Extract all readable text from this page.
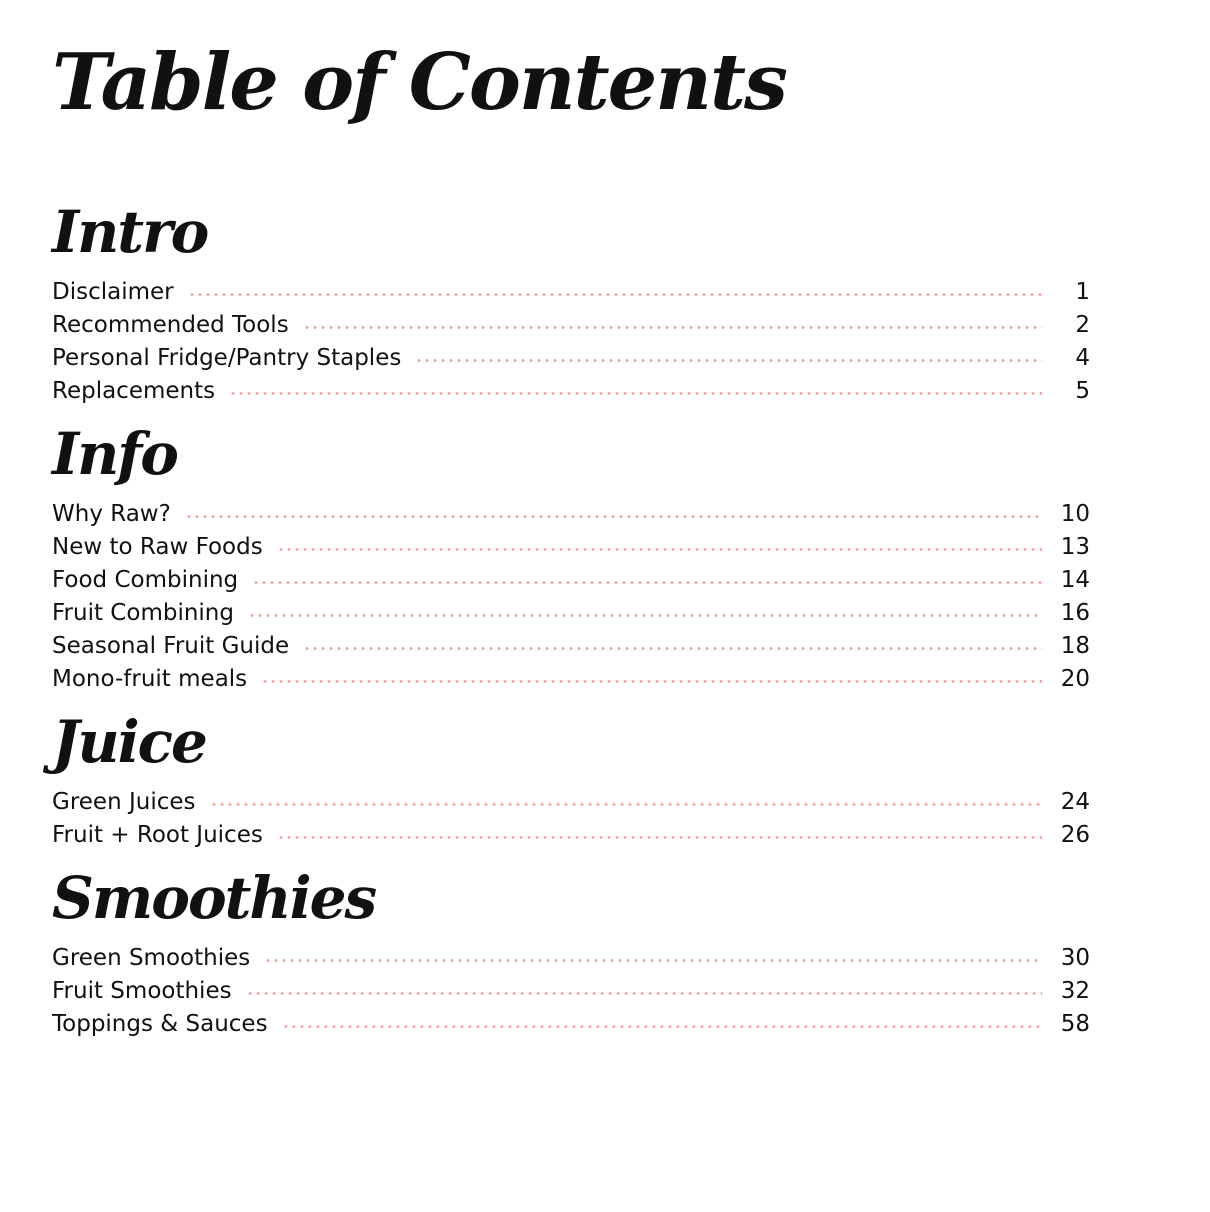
Table of Contents
Intro
Disclaimer	1
Recommended Tools	2
Personal Fridge/Pantry Staples	4
Replacements	5
Info
Why Raw?	10
New to Raw Foods	13
Food Combining	14
Fruit Combining	16
Seasonal Fruit Guide	18
Mono-fruit meals	20
Juice
Green Juices	24
Fruit + Root Juices	26
Smoothies
Green Smoothies	30
Fruit Smoothies	32
Toppings & Sauces	58
